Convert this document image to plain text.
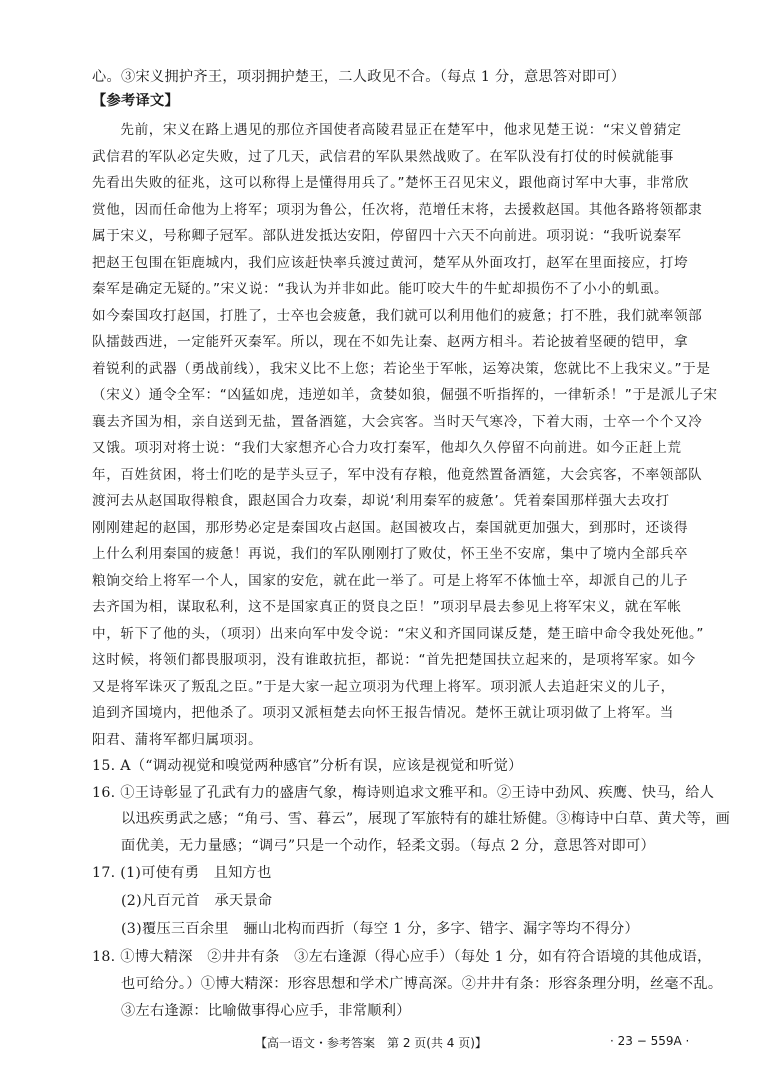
心。③宋义拥护齐王，项羽拥护楚王，二人政见不合。（每点 1 分，意思答对即可）
【参考译文】
　　先前，宋义在路上遇见的那位齐国使者高陵君显正在楚军中，他求见楚王说：“宋义曾猜定
武信君的军队必定失败，过了几天，武信君的军队果然战败了。在军队没有打仗的时候就能事
先看出失败的征兆，这可以称得上是懂得用兵了。”楚怀王召见宋义，跟他商讨军中大事，非常欣
赏他，因而任命他为上将军；项羽为鲁公，任次将，范增任末将，去援救赵国。其他各路将领都隶
属于宋义，号称卿子冠军。部队进发抵达安阳，停留四十六天不向前进。项羽说：“我听说秦军
把赵王包围在钜鹿城内，我们应该赶快率兵渡过黄河，楚军从外面攻打，赵军在里面接应，打垮
秦军是确定无疑的。”宋义说：“我认为并非如此。能叮咬大牛的牛虻却损伤不了小小的虮虱。
如今秦国攻打赵国，打胜了，士卒也会疲惫，我们就可以利用他们的疲惫；打不胜，我们就率领部
队擂鼓西进，一定能歼灭秦军。所以，现在不如先让秦、赵两方相斗。若论披着坚硬的铠甲，拿
着锐利的武器（勇战前线），我宋义比不上您；若论坐于军帐，运筹决策，您就比不上我宋义。”于是
（宋义）通令全军：“凶猛如虎，违逆如羊，贪婪如狼，倔强不听指挥的，一律斩杀！”于是派儿子宋
襄去齐国为相，亲自送到无盐，置备酒筵，大会宾客。当时天气寒冷，下着大雨，士卒一个个又冷
又饿。项羽对将士说：“我们大家想齐心合力攻打秦军，他却久久停留不向前进。如今正赶上荒
年，百姓贫困，将士们吃的是芋头豆子，军中没有存粮，他竟然置备酒筵，大会宾客，不率领部队
渡河去从赵国取得粮食，跟赵国合力攻秦，却说‘利用秦军的疲惫’。凭着秦国那样强大去攻打
刚刚建起的赵国，那形势必定是秦国攻占赵国。赵国被攻占，秦国就更加强大，到那时，还谈得
上什么利用秦国的疲惫！再说，我们的军队刚刚打了败仗，怀王坐不安席，集中了境内全部兵卒
粮饷交给上将军一个人，国家的安危，就在此一举了。可是上将军不体恤士卒，却派自己的儿子
去齐国为相，谋取私利，这不是国家真正的贤良之臣！”项羽早晨去参见上将军宋义，就在军帐
中，斩下了他的头，（项羽）出来向军中发令说：“宋义和齐国同谋反楚，楚王暗中命令我处死他。”
这时候，将领们都畏服项羽，没有谁敢抗拒，都说：“首先把楚国扶立起来的，是项将军家。如今
又是将军诛灭了叛乱之臣。”于是大家一起立项羽为代理上将军。项羽派人去追赶宋义的儿子，
追到齐国境内，把他杀了。项羽又派桓楚去向怀王报告情况。楚怀王就让项羽做了上将军。当
阳君、蒲将军都归属项羽。
15. A（“调动视觉和嗅觉两种感官”分析有误，应该是视觉和听觉）
16. ①王诗彰显了孔武有力的盛唐气象，梅诗则追求文雅平和。②王诗中劲风、疾鹰、快马，给人
　　以迅疾勇武之感；“角弓、雪、暮云”，展现了军旅特有的雄壮矫健。③梅诗中白草、黄犬等，画
　　面优美，无力量感；“调弓”只是一个动作，轻柔文弱。（每点 2 分，意思答对即可）
17. (1)可使有勇　且知方也
　　(2)凡百元首　承天景命
　　(3)覆压三百余里　骊山北构而西折（每空 1 分，多字、错字、漏字等均不得分）
18. ①博大精深　②井井有条　③左右逢源（得心应手）（每处 1 分，如有符合语境的其他成语，
　　也可给分。）①博大精深：形容思想和学术广博高深。②井井有条：形容条理分明，丝毫不乱。
　　③左右逢源：比喻做事得心应手，非常顺利）
【高一语文・参考答案　第 2 页(共 4 页)】	· 23 − 559A ·
